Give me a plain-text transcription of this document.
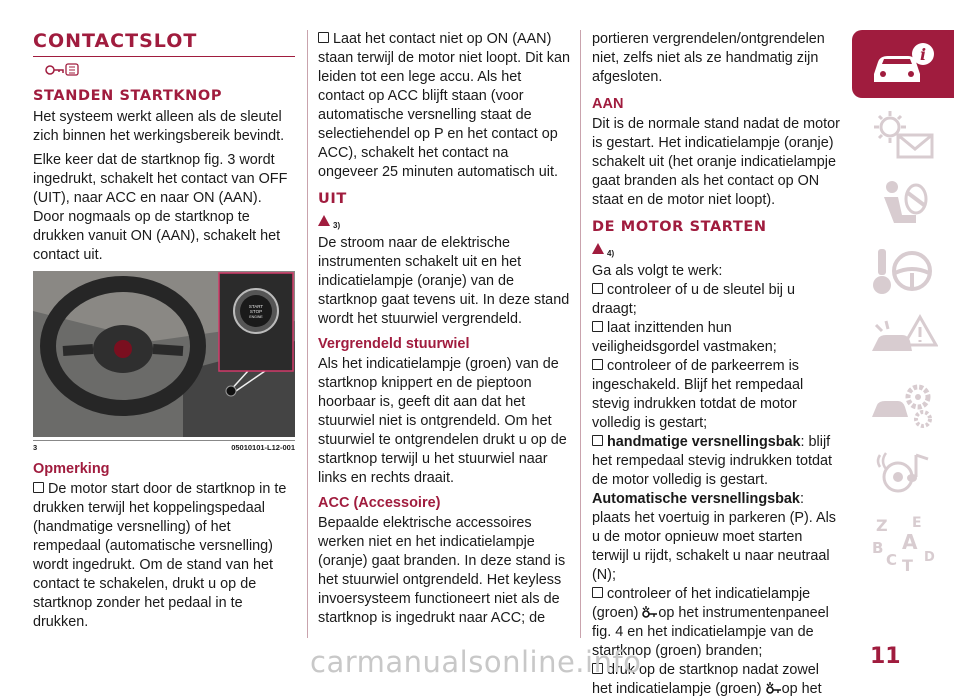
CONTACTSLOT
STANDEN STARTKNOP

Het systeem werkt alleen als de sleutel zich binnen het werkingsbereik bevindt.

Elke keer dat de startknop fig. 3 wordt ingedrukt, schakelt het contact van OFF (UIT), naar ACC en naar ON (AAN). Door nogmaals op de startknop te drukken vanuit ON (AAN), schakelt het contact uit.

START
STOP
ENGINE
3	05010101-L12-001
Opmerking

De motor start door de startknop in te drukken terwijl het koppelingspedaal (handmatige versnelling) of het rempedaal (automatische versnelling) wordt ingedrukt. Om de stand van het contact te schakelen, drukt u op de startknop zonder het pedaal in te drukken.

Laat het contact niet op ON (AAN) staan terwijl de motor niet loopt. Dit kan leiden tot een lege accu. Als het contact op ACC blijft staan (voor automatische versnelling staat de selectiehendel op P en het contact op ACC), schakelt het contact na ongeveer 25 minuten automatisch uit.

UIT
3)

De stroom naar de elektrische instrumenten schakelt uit en het indicatielampje (oranje) van de startknop gaat tevens uit. In deze stand wordt het stuurwiel vergrendeld.

Vergrendeld stuurwiel

Als het indicatielampje (groen) van de startknop knippert en de pieptoon hoorbaar is, geeft dit aan dat het stuurwiel niet is ontgrendeld. Om het stuurwiel te ontgrendelen drukt u op de startknop terwijl u het stuurwiel naar links en rechts draait.

ACC (Accessoire)

Bepaalde elektrische accessoires werken niet en het indicatielampje (oranje) gaat branden. In deze stand is het stuurwiel ontgrendeld. Het keyless invoersysteem functioneert niet als de startknop is ingedrukt naar ACC; de

portieren vergrendelen/ontgrendelen niet, zelfs niet als ze handmatig zijn afgesloten.

AAN

Dit is de normale stand nadat de motor is gestart. Het indicatielampje (oranje) schakelt uit (het oranje indicatielampje gaat branden als het contact op ON staat en de motor niet loopt).

DE MOTOR STARTEN
4)

Ga als volgt te werk:

controleer of u de sleutel bij u draagt;

laat inzittenden hun veiligheidsgordel vastmaken;

controleer of de parkeerrem is ingeschakeld. Blijf het rempedaal stevig indrukken totdat de motor volledig is gestart;

handmatige versnellingsbak: blijf het rempedaal stevig indrukken totdat de motor volledig is gestart.

Automatische versnellingsbak: plaats het voertuig in parkeren (P). Als u de motor opnieuw moet starten terwijl u rijdt, schakelt u naar neutraal (N);

controleer of het indicatielampje (groen) op het instrumentenpaneel fig. 4 en het indicatielampje van de startknop (groen) branden;

druk op de startknop nadat zowel het indicatielampje (groen) op het

i
Z E
B A
C T D
11
carmanualsonline.info
